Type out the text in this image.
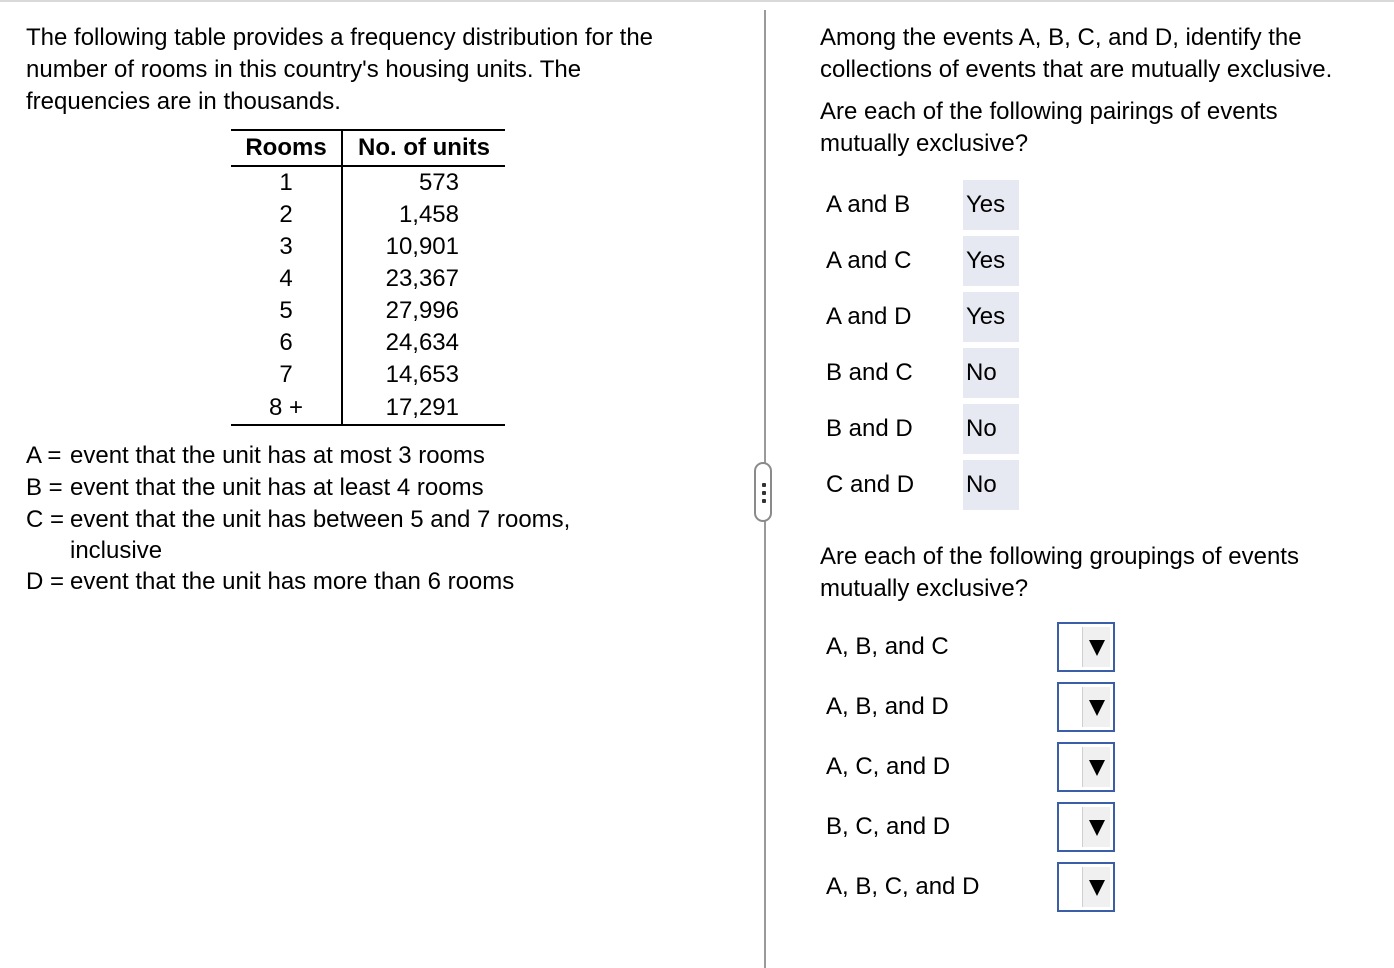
The following table provides a frequency distribution for the
number of rooms in this country's housing units. The
frequencies are in thousands.

Rooms	No. of units
1	573
2	1,458
3	10,901
4	23,367
5	27,996
6	24,634
7	14,653
8 +	17,291
A = event that the unit has at most 3 rooms
B = event that the unit has at least 4 rooms
C = event that the unit has between 5 and 7 rooms,
inclusive
D = event that the unit has more than 6 rooms

Among the events A, B, C, and D, identify the
collections of events that are mutually exclusive.

Are each of the following pairings of events
mutually exclusive?

A and B Yes
A and C Yes
A and D Yes
B and C No
B and D No
C and D No
Are each of the following groupings of events
mutually exclusive?
A, B, and C
A, B, and D
A, C, and D
B, C, and D
A, B, C, and D
